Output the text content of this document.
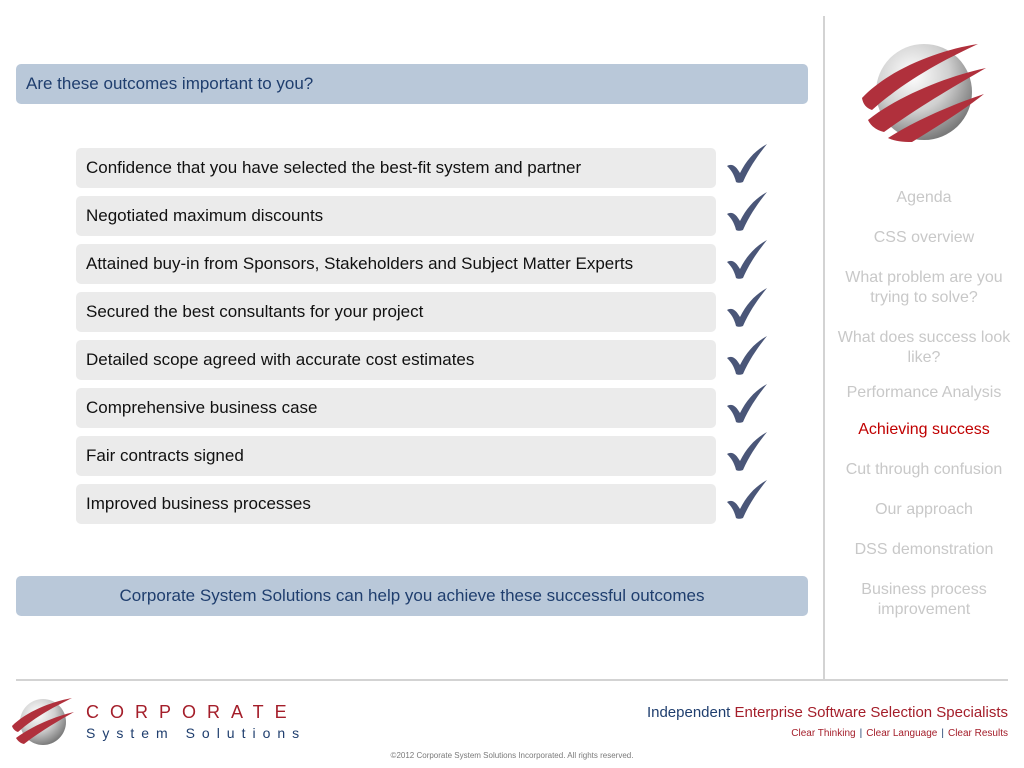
Are these outcomes important to you?
Confidence that you have selected the best-fit system and partner
Negotiated maximum discounts
Attained buy-in from Sponsors, Stakeholders and Subject Matter Experts
Secured the best consultants for your project
Detailed scope agreed with accurate cost estimates
Comprehensive business case
Fair contracts signed
Improved business processes
Corporate System Solutions can help you achieve these successful outcomes
Agenda
CSS overview
What problem are you trying to solve?
What does success look like?
Performance Analysis
Achieving success
Cut through confusion
Our approach
DSS demonstration
Business process improvement
CORPORATE
System Solutions
Independent Enterprise Software Selection Specialists
Clear Thinking | Clear Language | Clear Results
©2012 Corporate System Solutions Incorporated. All rights reserved.
